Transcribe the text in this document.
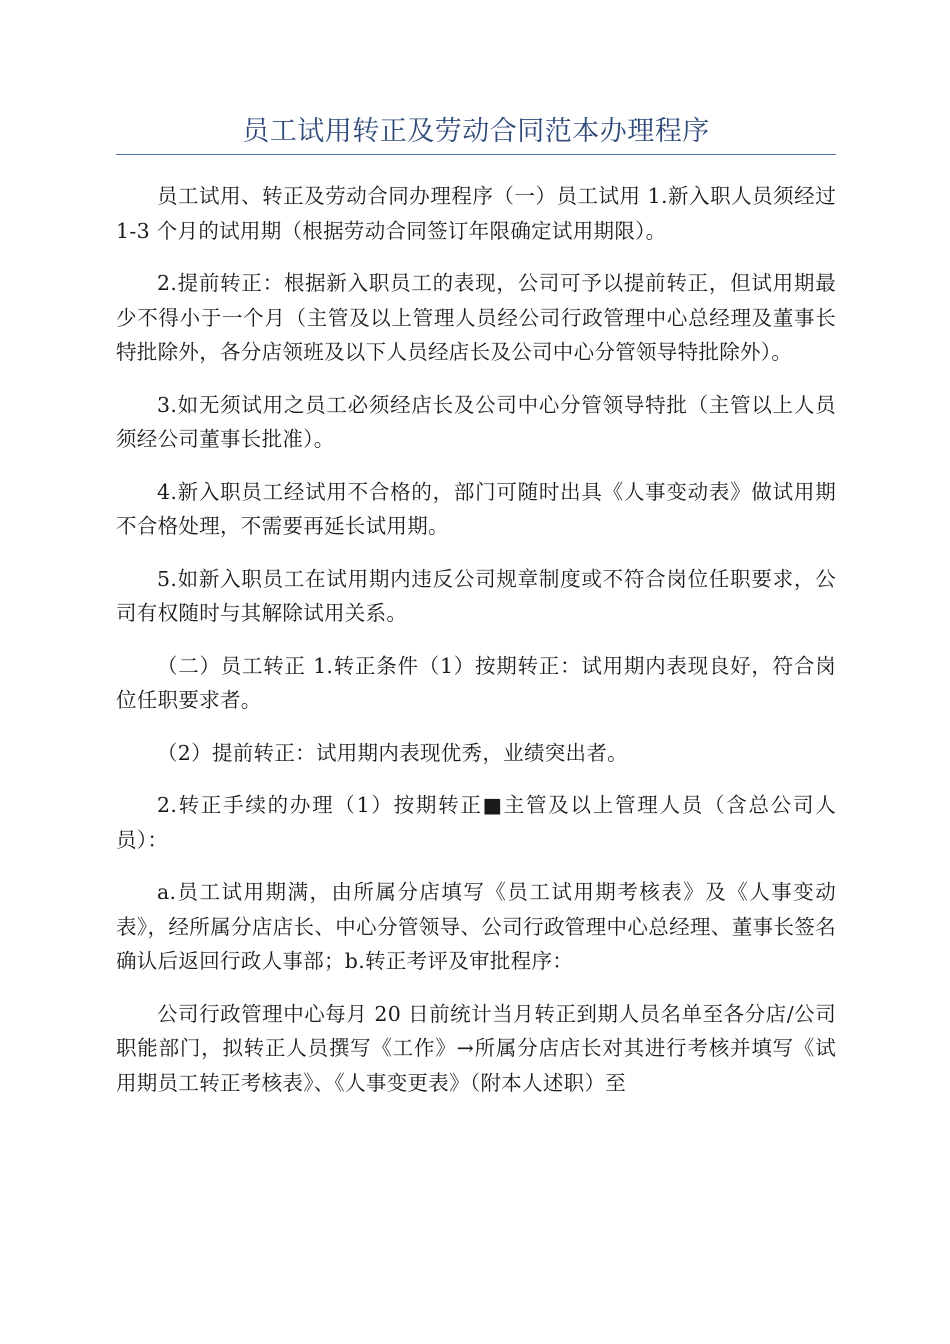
员工试用转正及劳动合同范本办理程序

员工试用、转正及劳动合同办理程序（一）员工试用 1.新入职人员须经过 1-3 个月的试用期（根据劳动合同签订年限确定试用期限）。

2.提前转正：根据新入职员工的表现，公司可予以提前转正，但试用期最少不得小于一个月（主管及以上管理人员经公司行政管理中心总经理及董事长特批除外，各分店领班及以下人员经店长及公司中心分管领导特批除外）。

3.如无须试用之员工必须经店长及公司中心分管领导特批（主管以上人员须经公司董事长批准）。

4.新入职员工经试用不合格的，部门可随时出具《人事变动表》做试用期不合格处理，不需要再延长试用期。

5.如新入职员工在试用期内违反公司规章制度或不符合岗位任职要求，公司有权随时与其解除试用关系。

（二）员工转正 1.转正条件（1）按期转正：试用期内表现良好，符合岗位任职要求者。

（2）提前转正：试用期内表现优秀，业绩突出者。

2.转正手续的办理（1）按期转正■主管及以上管理人员（含总公司人员）：

a.员工试用期满，由所属分店填写《员工试用期考核表》及《人事变动表》，经所属分店店长、中心分管领导、公司行政管理中心总经理、董事长签名确认后返回行政人事部；b.转正考评及审批程序：

公司行政管理中心每月 20 日前统计当月转正到期人员名单至各分店/公司职能部门，拟转正人员撰写《工作》→所属分店店长对其进行考核并填写《试用期员工转正考核表》、《人事变更表》（附本人述职）至
